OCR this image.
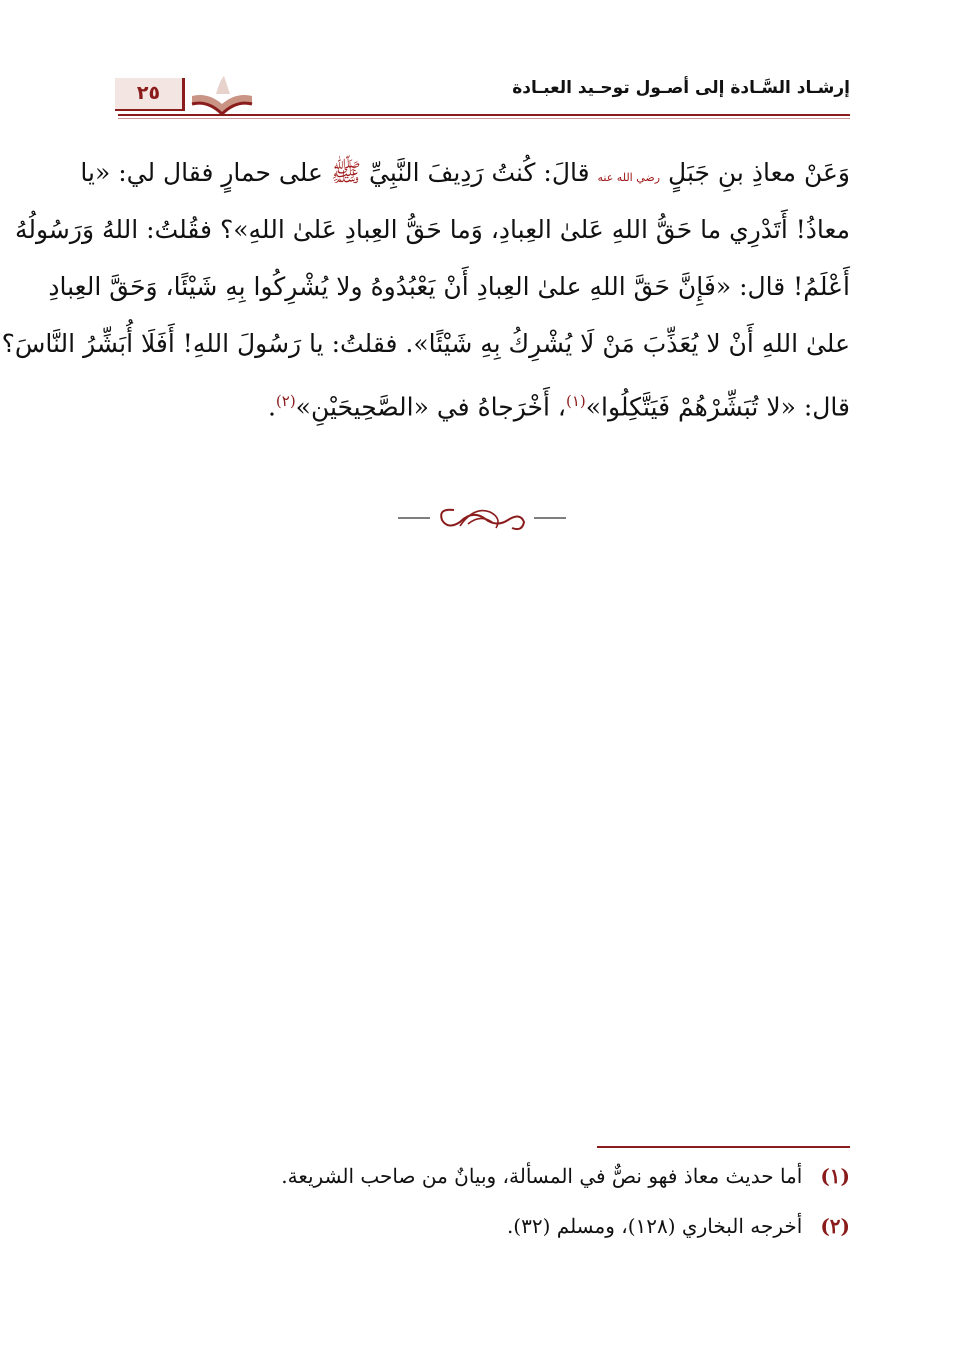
إرشـاد السَّـادة إلى أصـول توحـيد العبـادة
٢٥
وَعَنْ معاذِ بنِ جَبَلٍ رضي الله عنه قالَ: كُنتُ رَدِيفَ النَّبِيِّ ﷺ على حمارٍ فقال لي: «يا
معاذُ! أَتَدْرِي ما حَقُّ اللهِ عَلىٰ العِبادِ، وَما حَقُّ العِبادِ عَلىٰ اللهِ»؟ فقُلتُ: اللهُ وَرَسُولُهُ
أَعْلَمُ! قال: «فَإِنَّ حَقَّ اللهِ علىٰ العِبادِ أَنْ يَعْبُدُوهُ ولا يُشْرِكُوا بِهِ شَيْئًا، وَحَقَّ العِبادِ
علىٰ اللهِ أَنْ لا يُعَذِّبَ مَنْ لَا يُشْرِكُ بِهِ شَيْئًا». فقلتُ: يا رَسُولَ اللهِ! أَفَلَا أُبَشِّرُ النَّاسَ؟
قال: «لا تُبَشِّرْهُمْ فَيَتَّكِلُوا»$^{(١)}$، أَخْرَجاهُ في «الصَّحِيحَيْنِ»$^{(٢)}$.
(١)أما حديث معاذ فهو نصٌّ في المسألة، وبيانٌ من صاحب الشريعة.
(٢)أخرجه البخاري (١٢٨)، ومسلم (٣٢).
